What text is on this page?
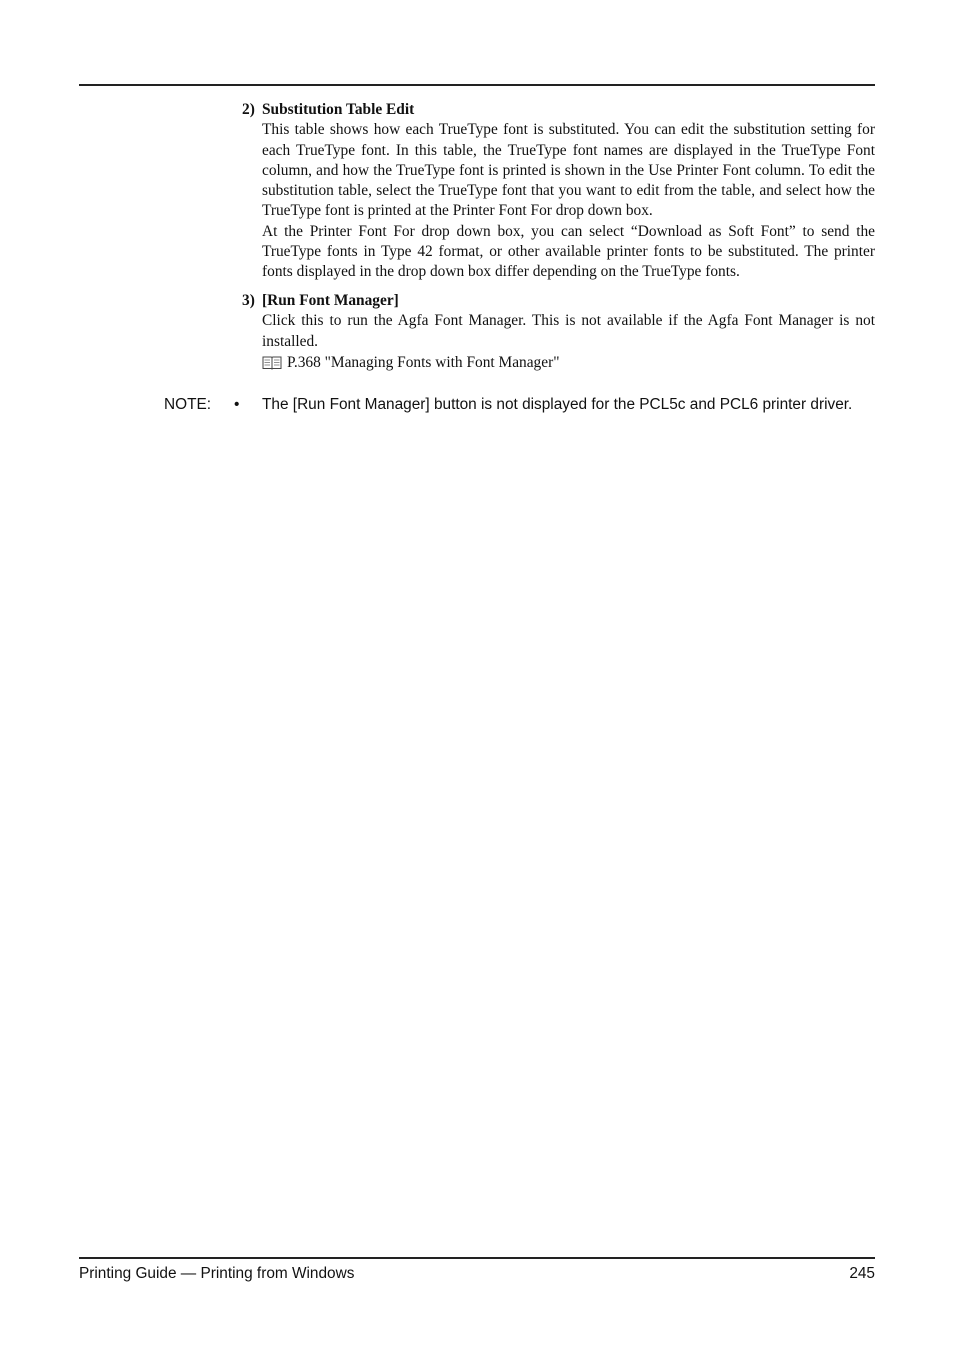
2) Substitution Table Edit

This table shows how each TrueType font is substituted. You can edit the substitution setting for each TrueType font. In this table, the TrueType font names are displayed in the TrueType Font column, and how the TrueType font is printed is shown in the Use Printer Font column. To edit the substitution table, select the TrueType font that you want to edit from the table, and select how the TrueType font is printed at the Printer Font For drop down box.

At the Printer Font For drop down box, you can select “Download as Soft Font” to send the TrueType fonts in Type 42 format, or other available printer fonts to be substituted. The printer fonts displayed in the drop down box differ depending on the TrueType fonts.

3) [Run Font Manager]

Click this to run the Agfa Font Manager. This is not available if the Agfa Font Manager is not installed.

P.368 "Managing Fonts with Font Manager"
NOTE: • The [Run Font Manager] button is not displayed for the PCL5c and PCL6 printer driver.
Printing Guide — Printing from Windows	245
